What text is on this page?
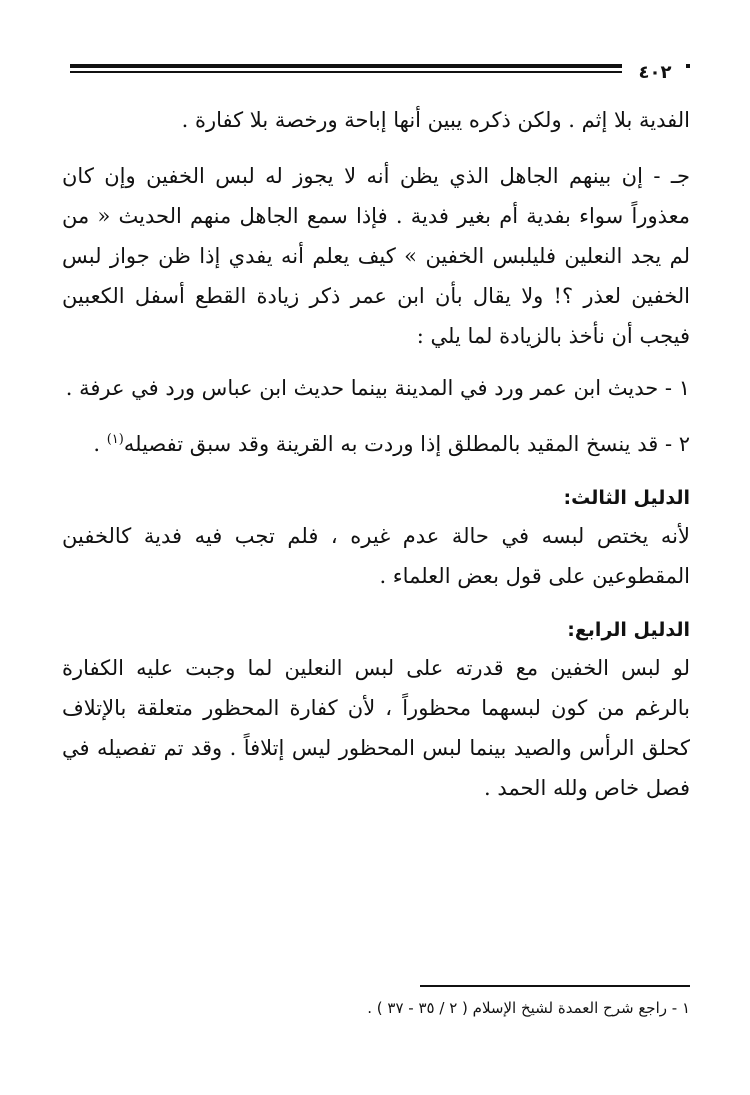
٤٠٢

الفدية بلا إثم . ولكن ذكره يبين أنها إباحة ورخصة بلا كفارة .

جـ - إن بينهم الجاهل الذي يظن أنه لا يجوز له لبس الخفين وإن كان معذوراً سواء بفدية أم بغير فدية . فإذا سمع الجاهل منهم الحديث « من لم يجد النعلين فليلبس الخفين » كيف يعلم أنه يفدي إذا ظن جواز لبس الخفين لعذر ؟! ولا يقال بأن ابن عمر ذكر زيادة القطع أسفل الكعبين فيجب أن نأخذ بالزيادة لما يلي :

١ - حديث ابن عمر ورد في المدينة بينما حديث ابن عباس ورد في عرفة .

٢ - قد ينسخ المقيد بالمطلق إذا وردت به القرينة وقد سبق تفصيله$^{(١)}$ .

الدليل الثالث:

لأنه يختص لبسه في حالة عدم غيره ، فلم تجب فيه فدية كالخفين المقطوعين على قول بعض العلماء .

الدليل الرابع:

لو لبس الخفين مع قدرته على لبس النعلين لما وجبت عليه الكفارة بالرغم من كون لبسهما محظوراً ، لأن كفارة المحظور متعلقة بالإتلاف كحلق الرأس والصيد بينما لبس المحظور ليس إتلافاً . وقد تم تفصيله في فصل خاص ولله الحمد .

١ - راجع شرح العمدة لشيخ الإسلام ( ٢ / ٣٥ - ٣٧ ) .
